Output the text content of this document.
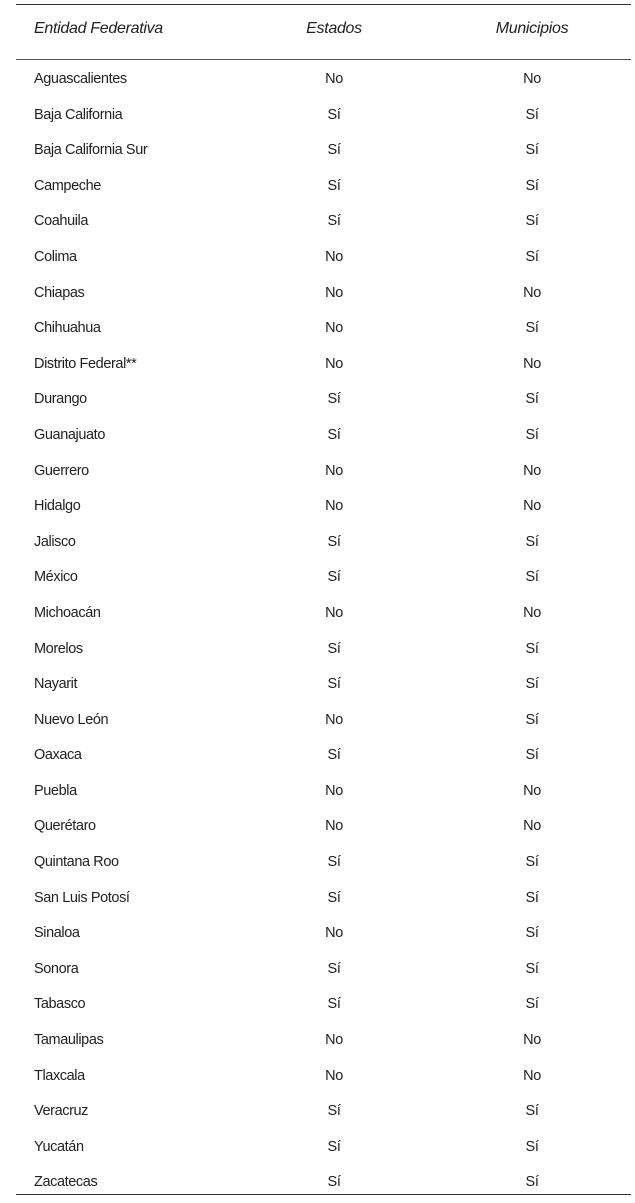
Entidad Federativa	Estados	Municipios
Aguascalientes	No	No
Baja California	Sí	Sí
Baja California Sur	Sí	Sí
Campeche	Sí	Sí
Coahuila	Sí	Sí
Colima	No	Sí
Chiapas	No	No
Chihuahua	No	Sí
Distrito Federal**	No	No
Durango	Sí	Sí
Guanajuato	Sí	Sí
Guerrero	No	No
Hidalgo	No	No
Jalisco	Sí	Sí
México	Sí	Sí
Michoacán	No	No
Morelos	Sí	Sí
Nayarit	Sí	Sí
Nuevo León	No	Sí
Oaxaca	Sí	Sí
Puebla	No	No
Querétaro	No	No
Quintana Roo	Sí	Sí
San Luis Potosí	Sí	Sí
Sinaloa	No	Sí
Sonora	Sí	Sí
Tabasco	Sí	Sí
Tamaulipas	No	No
Tlaxcala	No	No
Veracruz	Sí	Sí
Yucatán	Sí	Sí
Zacatecas	Sí	Sí
